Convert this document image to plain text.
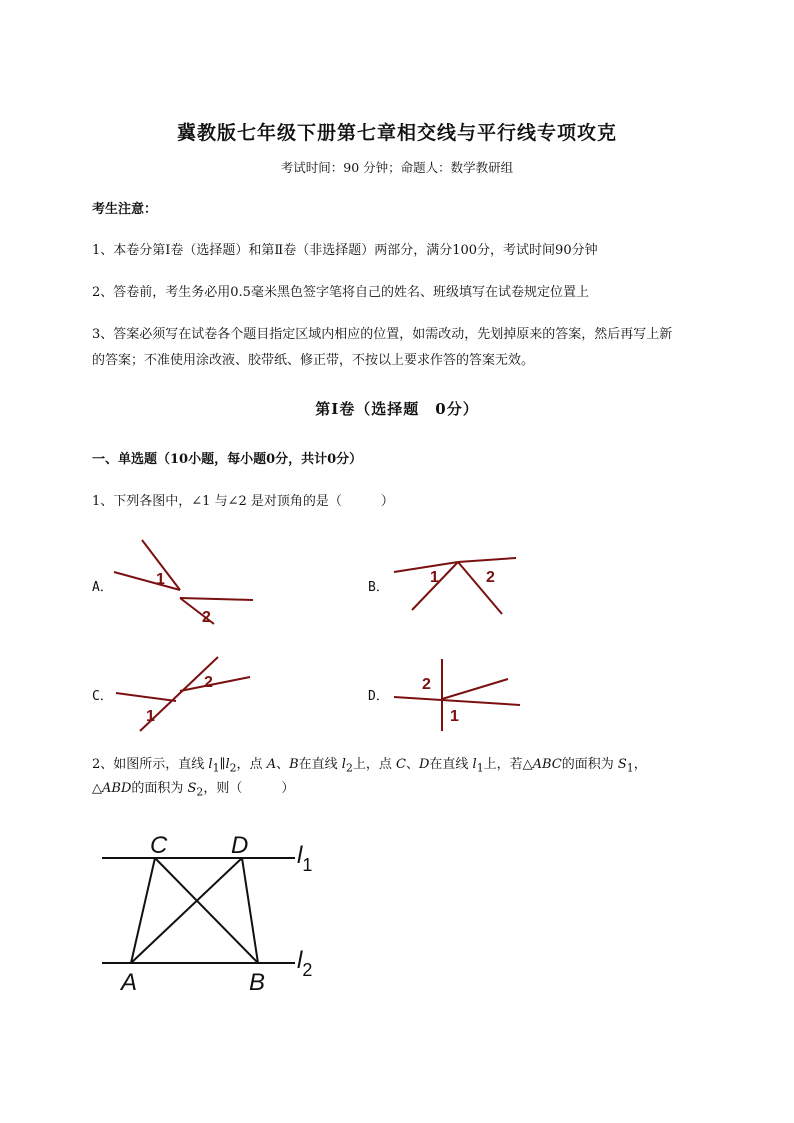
冀教版七年级下册第七章相交线与平行线专项攻克
考试时间：90 分钟；命题人：数学教研组
考生注意：
1、本卷分第Ⅰ卷（选择题）和第Ⅱ卷（非选择题）两部分，满分100分，考试时间90分钟
2、答卷前，考生务必用0.5毫米黑色签字笔将自己的姓名、班级填写在试卷规定位置上
3、答案必须写在试卷各个题目指定区域内相应的位置，如需改动，先划掉原来的答案，然后再写上新
的答案；不准使用涂改液、胶带纸、修正带，不按以上要求作答的答案无效。
第Ⅰ卷（选择题　0分）
一、单选题（10小题，每小题0分，共计0分）
1、下列各图中，∠1 与∠2 是对顶角的是（　　　）
A．	1
2
B．
1	2
C．
2
1
D．
2
1
2、如图所示，直线 $l_1\parallel l_2$，点 A、B在直线 $l_2$上，点 C、D在直线 $l_1$上，若△ABC的面积为 $S_1$，
△ABD的面积为 $S_2$，则（　　　）
C	D
A	B
$l_1$
$l_2$
